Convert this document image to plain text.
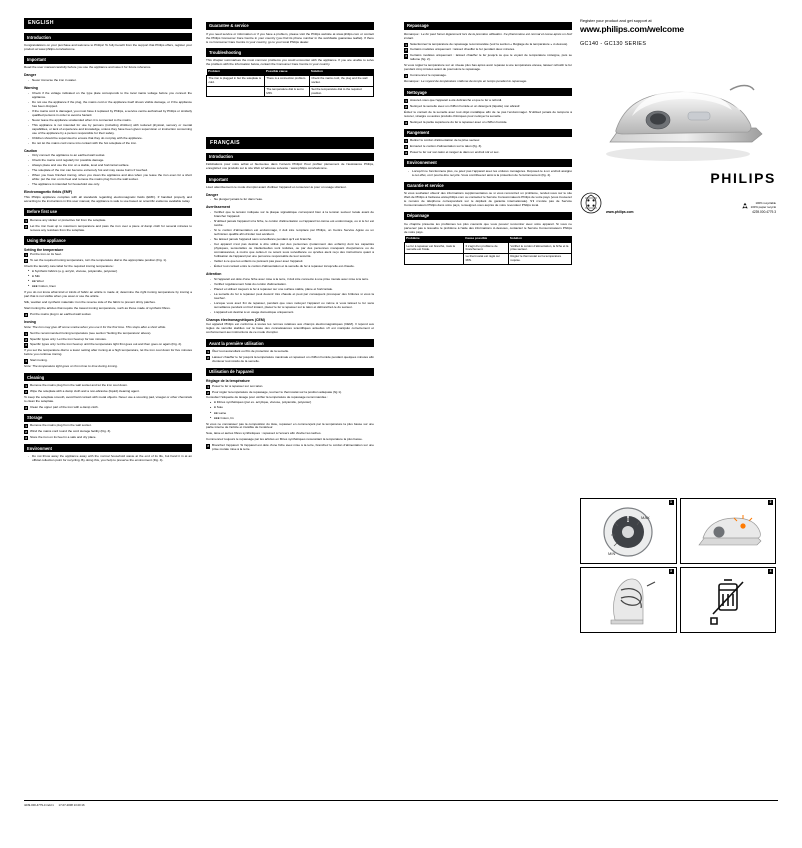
ENGLISH
Introduction

Congratulations on your purchase and welcome to Philips! To fully benefit from the support that Philips offers, register your product at www.philips.com/welcome.

Important

Read the user manual carefully before you use the appliance and save it for future reference.

Danger
- Never immerse the iron in water.
Warning
- Check if the voltage indicated on the type plate corresponds to the local mains voltage before you connect the appliance.
- Do not use the appliance if the plug, the mains cord or the appliance itself shows visible damage, or if the appliance has been dropped.
- If the mains cord is damaged, you must have it replaced by Philips, a service centre authorised by Philips or similarly qualified persons in order to avoid a hazard.
- Never leave the appliance unattended when it is connected to the mains.
- This appliance is not intended for use by persons (including children) with reduced physical, sensory or mental capabilities, or lack of experience and knowledge, unless they have been given supervision or instruction concerning use of the appliance by a person responsible for their safety.
- Children should be supervised to ensure that they do not play with the appliance.
- Do not let the mains cord come into contact with the hot soleplate of the iron.
Caution
- Only connect the appliance to an earthed wall socket.
- Check the mains cord regularly for possible damage.
- Always place and use the iron on a stable, level and horizontal surface.
- The soleplate of the iron can become extremely hot and may cause burns if touched.
- When you have finished ironing, when you clean the appliance and also when you leave the iron even for a short while: put the iron on its heel and remove the mains plug from the wall socket.
- The appliance is intended for household use only.
Electromagnetic fields (EMF)

This Philips appliance complies with all standards regarding electromagnetic fields (EMF). If handled properly and according to the instructions in this user manual, the appliance is safe to use based on scientific evidence available today.

Before first use
Remove any sticker or protective foil from the soleplate.
Let the iron heat up to maximum temperature and pass the iron over a piece of damp cloth for several minutes to remove any residues from the soleplate.
Using the appliance
Setting the temperature
Put the iron on its heel.
To set the required ironing temperature, turn the temperature dial to the appropriate position (Fig. 1).

Check the laundry care label for the required ironing temperature:

● ● Synthetic fabrics (e.g. acrylic, viscose, polyamide, polyester)
● ● Silk
● ●● Wool
● ●●● Cotton, linen

If you do not know what kind or kinds of fabric an article is made of, determine the right ironing temperature by ironing a part that is not visible when you wear or use the article.

Silk, woollen and synthetic materials: iron the reverse side of the fabric to prevent shiny patches.

Start ironing the articles that require the lowest ironing temperature, such as those made of synthetic fibres.

Put the mains plug in an earthed wall socket.
Ironing

Note: The iron may give off some smoke when you use it for the first time. This stops after a short while.

Set the recommended ironing temperature (see section 'Setting the temperature' above).
Specific types only: Let the iron heat up for two minutes.
Specific types only: let the iron heat up until the temperature light first goes out and then goes on again (Fig. 2).

If you set the temperature dial to a lower setting after ironing at a high temperature, let the iron cool down for five minutes before you continue ironing.

Start ironing.

Note: The temperature light goes on from time to time during ironing.

Cleaning
Remove the mains plug from the wall socket and let the iron cool down.
Wipe the soleplate with a damp cloth and a non-abrasive (liquid) cleaning agent.

To keep the soleplate smooth, avoid hard contact with metal objects. Never use a scouring pad, vinegar or other chemicals to clean the soleplate.

Clean the upper part of the iron with a damp cloth.
Storage
Remove the mains plug from the wall socket.
Wind the mains cord round the cord storage facility (Fig. 3).
Store the iron on its heel in a safe and dry place.
Environment
- Do not throw away the appliance away with the normal household waste at the end of its life, but hand it in at an official collection point for recycling. By doing this, you help to preserve the environment (Fig. 4).
Guarantee & service

If you need service or information or if you have a problem, please visit the Philips website at www.philips.com or contact the Philips Consumer Care Centre in your country (you find its phone number in the worldwide guarantee leaflet). If there is no Consumer Care Centre in your country, go to your local Philips dealer.

Troubleshooting

This chapter summarises the most common problems you could encounter with the appliance. If you are unable to solve the problem with the information below, contact the Consumer Care Centre in your country.

Problem	Possible cause	Solution
The iron is plugged in but the soleplate is cold.	There is a connection problem.	Check the mains cord, the plug and the wall socket.
	The temperature dial is set to MIN.	Set the temperature dial to the required position.
FRANÇAIS
Introduction

Félicitations pour votre achat et bienvenue dans l'univers Philips! Pour profiter pleinement de l'assistance Philips, enregistrez vos produits sur le site Web à l'adresse suivante : www.philips.com/welcome.

Important

Lisez attentivement ce mode d'emploi avant d'utiliser l'appareil et conservez-le pour un usage ultérieur.

Danger
- Ne plongez jamais le fer dans l'eau.
Avertissement
- Vérifiez que la tension indiquée sur la plaque signalétique correspond bien à la tension secteur locale avant de brancher l'appareil.
- N'utilisez jamais l'appareil si la fiche, le cordon d'alimentation ou l'appareil lui-même est endommagé, ou si le fer est tombé.
- Si le cordon d'alimentation est endommagé, il doit être remplacé par Philips, un Centre Service Agréé ou un technicien qualifié afin d'éviter tout accident.
- Ne laissez jamais l'appareil sans surveillance pendant qu'il est branché.
- Cet appareil n'est pas destiné à être utilisé par des personnes (notamment des enfants) dont les capacités physiques, sensorielles ou intellectuelles sont réduites, ou par des personnes manquant d'expérience ou de connaissances, à moins que celles-ci ne soient sous surveillance ou qu'elles aient reçu des instructions quant à l'utilisation de l'appareil par une personne responsable de leur sécurité.
- Veillez à ce que les enfants ne puissent pas jouer avec l'appareil.
- Évitez tout contact entre le cordon d'alimentation et la semelle du fer à repasser lorsqu'elle est chaude.
Attention
- Si l'appareil est doté d'une fiche avec mise à la terre, il doit être connecté à une prise murale avec mise à la terre.
- Vérifiez régulièrement l'état du cordon d'alimentation.
- Placez et utilisez toujours le fer à repasser sur une surface stable, plane et horizontale.
- La semelle du fer à repasser peut devenir très chaude et peut par conséquent provoquer des brûlures si vous la touchez.
- Lorsque vous avez fini de repasser, pendant que vous nettoyez l'appareil ou même si vous laissez le fer sans surveillance pendant un bref instant, placez le fer à repasser sur le talon et débranchez-le du secteur.
- L'appareil est destiné à un usage domestique uniquement.
Champs électromagnétiques (CEM)

Cet appareil Philips est conforme à toutes les normes relatives aux champs électromagnétiques (CEM). Il répond aux règles de sécurité établies sur la base des connaissances scientifiques actuelles s'il est manipulé correctement et conformément aux instructions de ce mode d'emploi.

Avant la première utilisation
Ôtez tout autocollant ou film de protection de la semelle.
Laissez chauffer le fer jusqu'à la température maximale et repassez un chiffon humide pendant quelques minutes afin d'enlever tout résidu de la semelle.
Utilisation de l'appareil
Réglage de la température
Posez le fer à repasser sur son talon.
Pour régler la température de repassage, tournez le thermostat sur la position adéquate (fig 1).

Consultez l'étiquette de lavage pour vérifier la température de repassage recommandée :

● ● Fibres synthétiques (par ex. acrylique, viscose, polyamide, polyester)
● ● Soie
● ●● Laine
● ●●● Coton, lin

Si vous ne connaissez pas la composition du tissu, repassez en commençant par la température la plus basse sur une partie interne de l'article et invisible de l'extérieur.

Soie, laine et autres fibres synthétiques : repassez à l'envers afin d'éviter les taches.

Commencez toujours le repassage par les articles en fibres synthétiques nécessitant la température la plus basse.

Branchez l'appareil. Si l'appareil est doté d'une fiche avec mise à la terre, branchez le cordon d'alimentation sur une prise murale mise à la terre.
Repassage

Remarque : Le fer peut fumer légèrement lors de la première utilisation. Ce phénomène est normal et cesse après un bref instant.

Sélectionnez la température de repassage recommandée (voir la section « Réglage de la température » ci-dessus).
Certains modèles uniquement : laissez chauffer le fer pendant deux minutes.
Certains modèles uniquement : laissez chauffer le fer jusqu'à ce que le voyant de température s'éteigne, puis se rallume (fig. 2).

Si vous réglez la température sur un niveau plus bas après avoir repassé à une température élevée, laissez refroidir le fer pendant cinq minutes avant de poursuivre le repassage.

Commencez le repassage.

Remarque : Le voyant de température s'allume de temps en temps pendant le repassage.

Nettoyage
Assurez-vous que l'appareil a été débranché et que le fer a refroidi.
Nettoyez la semelle avec un chiffon humide et un détergent (liquide) non abrasif.

Évitez le contact de la semelle avec tout objet métallique afin de ne pas l'endommager. N'utilisez jamais de tampons à récurer, vinaigre ou autres produits chimiques pour nettoyer la semelle.

Nettoyez la partie supérieure du fer à repasser avec un chiffon humide.
Rangement
Retirez le cordon d'alimentation de la prise secteur.
Enroulez le cordon d'alimentation sur le talon (fig. 3).
Posez le fer sur son talon et rangez-le dans un endroit sûr et sec.
Environnement
- Lorsqu'il ne fonctionnera plus, ne jetez pas l'appareil avec les ordures ménagères. Déposez-le à un endroit assigné à cet effet, où il pourra être recyclé. Vous contribuerez ainsi à la protection de l'environnement (fig. 4).
Garantie et service

Si vous souhaitez obtenir des informations supplémentaires ou si vous rencontrez un problème, rendez-vous sur le site Web de Philips à l'adresse www.philips.com ou contactez le Service Consommateurs Philips de votre pays (vous trouverez le numéro de téléphone correspondant sur le dépliant de garantie internationale). S'il n'existe pas de Service Consommateurs Philips dans votre pays, renseignez-vous auprès de votre revendeur Philips local.

Dépannage

Ce chapitre présente les problèmes les plus courants que vous pouvez rencontrer avec votre appareil. Si vous ne parvenez pas à résoudre le problème à l'aide des informations ci-dessous, contactez le Service Consommateurs Philips de votre pays.

Problème	Cause possible	Solution
Le fer à repasser est branché, mais la semelle est froide.	Il s'agit d'un problème de branchement.	Vérifiez le cordon d'alimentation, la fiche et la prise secteur.
	Le thermostat est réglé sur MIN.	Réglez le thermostat sur la température requise.
Register your product and get support at
www.philips.com/welcome
GC140 - GC130 SERIES
PHILIPS
www.philips.com
100% recyclable
100% papier recyclé
4239.000.4779.3
1
MIN
MAX
2
3	4
4239-000-4779-3.indd 1 17-07-2008 13:20:16
